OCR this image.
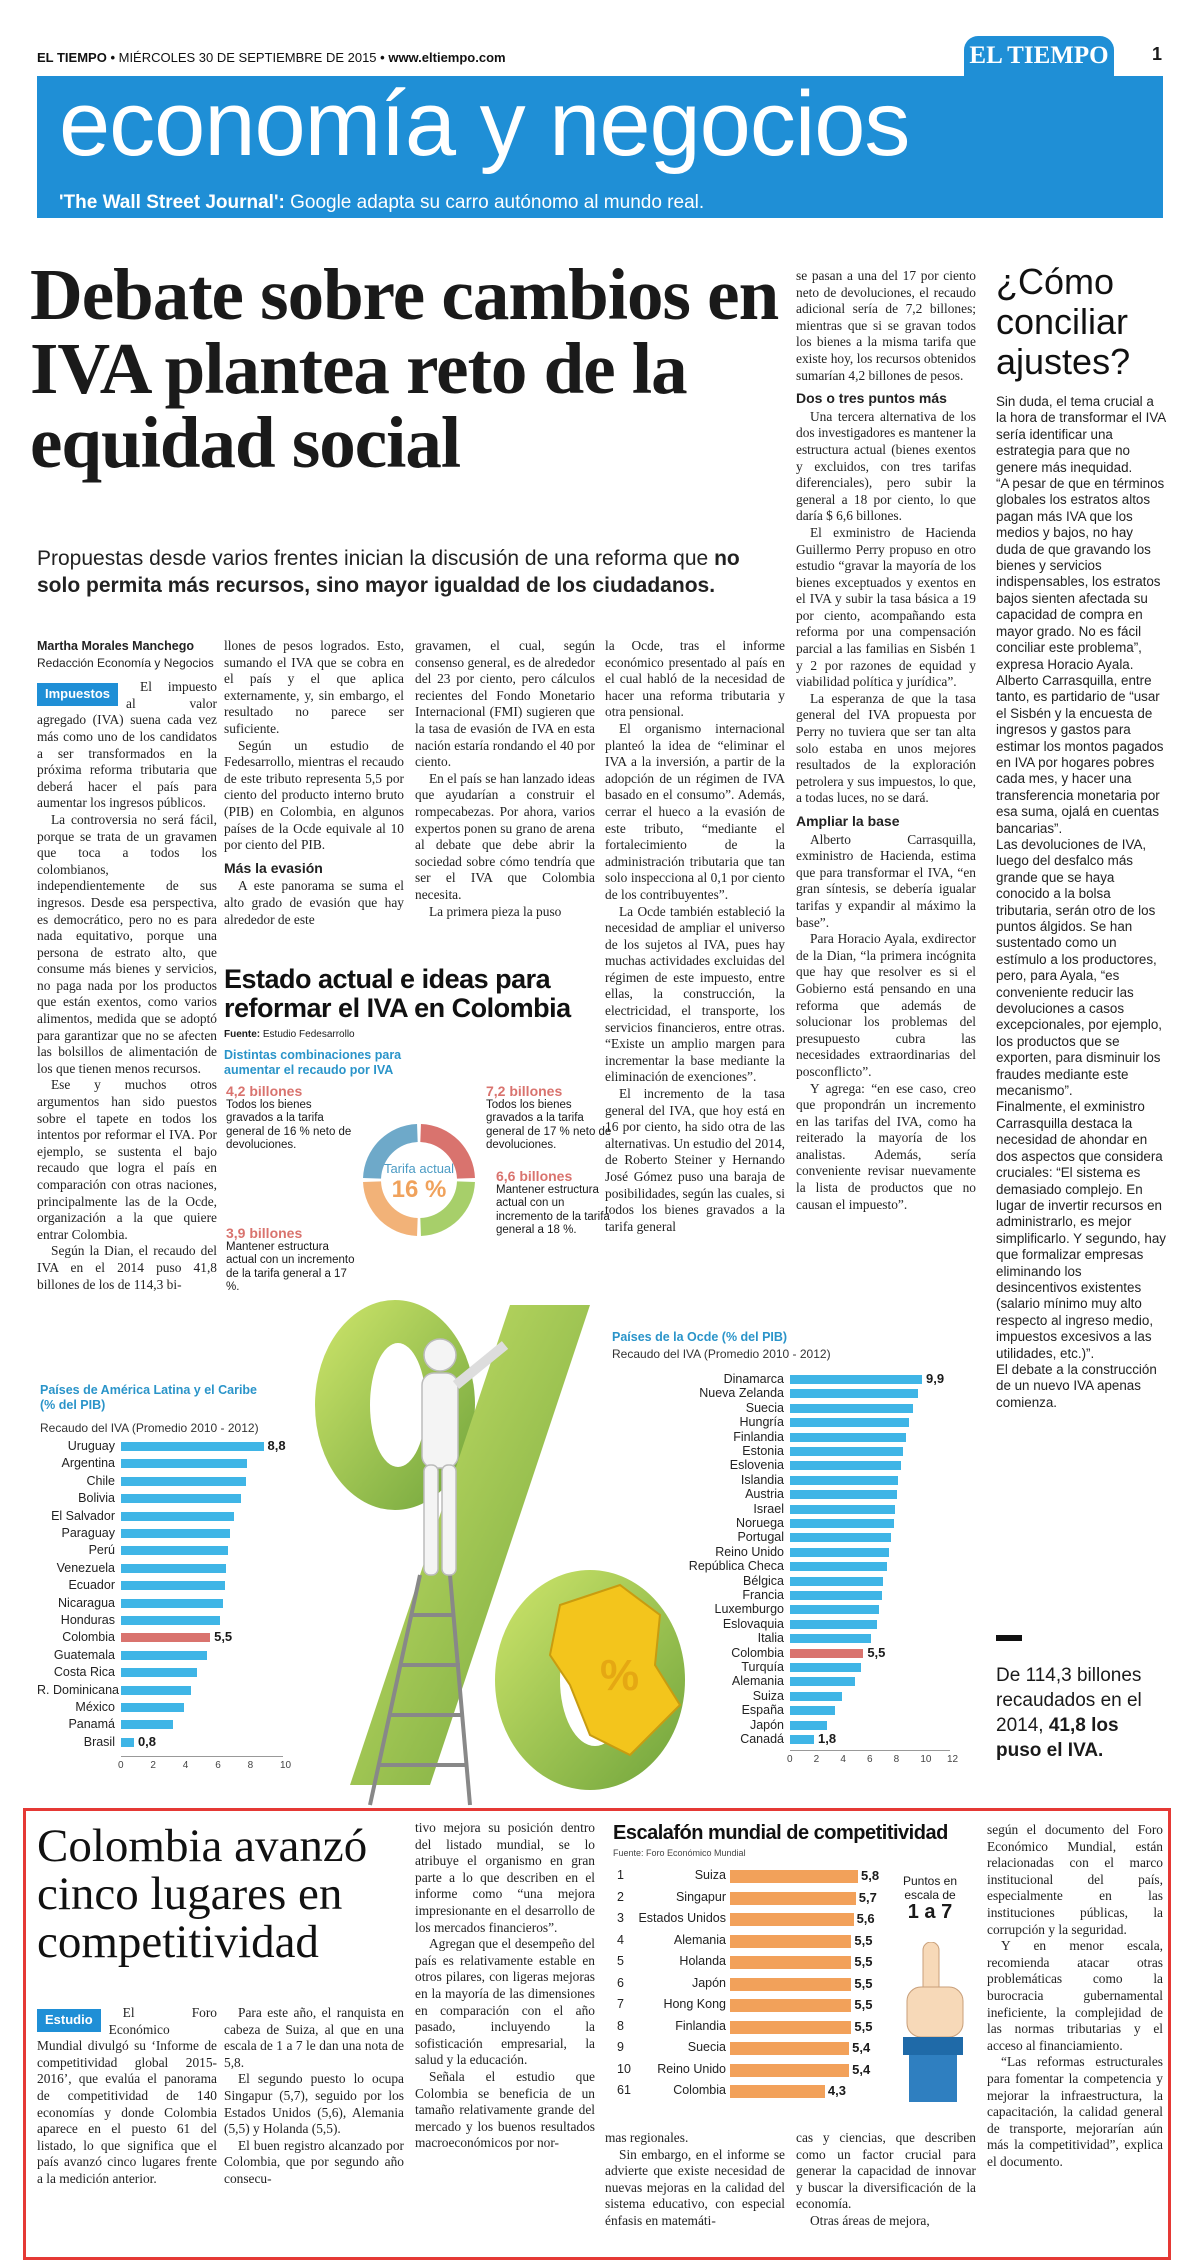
EL TIEMPO • MIÉRCOLES 30 DE SEPTIEMBRE DE 2015 • www.eltiempo.com	EL TIEMPO	1
economía y negocios
'The Wall Street Journal': Google adapta su carro autónomo al mundo real.
Debate sobre cambios en IVA plantea reto de la equidad social
Propuestas desde varios frentes inician la discusión de una reforma que no solo permita más recursos, sino mayor igualdad de los ciudadanos.
Martha Morales Manchego
Redacción Economía y Negocios

Impuestos	El impuesto al valor agregado (IVA) suena cada vez más como uno de los candidatos a ser transformados en la próxima reforma tributaria que deberá hacer el país para aumentar los ingresos públicos.

La controversia no será fácil, porque se trata de un gravamen que toca a todos los colombianos, independientemente de sus ingresos. Desde esa perspectiva, es democrático, pero no es para nada equitativo, porque una persona de estrato alto, que consume más bienes y servicios, no paga nada por los productos que están exentos, como varios alimentos, medida que se adoptó para garantizar que no se afecten las bolsillos de alimentación de los que tienen menos recursos.

Ese y muchos otros argumentos han sido puestos sobre el tapete en todos los intentos por reformar el IVA. Por ejemplo, se sustenta el bajo recaudo que logra el país en comparación con otras naciones, principalmente las de la Ocde, organización a la que quiere entrar Colombia.

Según la Dian, el recaudo del IVA en el 2014 puso 41,8 billones de los de 114,3 bi-

llones de pesos logrados. Esto, sumando el IVA que se cobra en el país y el que aplica externamente, y, sin embargo, el resultado no parece ser suficiente.

Según un estudio de Fedesarrollo, mientras el recaudo de este tributo representa 5,5 por ciento del producto interno bruto (PIB) en Colombia, en algunos países de la Ocde equivale al 10 por ciento del PIB.

Más la evasión

A este panorama se suma el alto grado de evasión que hay alrededor de este

gravamen, el cual, según consenso general, es de alrededor del 23 por ciento, pero cálculos recientes del Fondo Monetario Internacional (FMI) sugieren que la tasa de evasión de IVA en esta nación estaría rondando el 40 por ciento.

En el país se han lanzado ideas que ayudarían a construir el rompecabezas. Por ahora, varios expertos ponen su grano de arena al debate que debe abrir la sociedad sobre cómo tendría que ser el IVA que Colombia necesita.

La primera pieza la puso

la Ocde, tras el informe económico presentado al país en el cual habló de la necesidad de hacer una reforma tributaria y otra pensional.

El organismo internacional planteó la idea de “eliminar el IVA a la inversión, a partir de la adopción de un régimen de IVA basado en el consumo”. Además, cerrar el hueco a la evasión de este tributo, “mediante el fortalecimiento de la administración tributaria que tan solo inspecciona al 0,1 por ciento de los contribuyentes”.

La Ocde también estableció la necesidad de ampliar el universo de los sujetos al IVA, pues hay muchas actividades excluidas del régimen de este impuesto, entre ellas, la construcción, la electricidad, el transporte, los servicios financieros, entre otras. “Existe un amplio margen para incrementar la base mediante la eliminación de exenciones”.

El incremento de la tasa general del IVA, que hoy está en 16 por ciento, ha sido otra de las alternativas. Un estudio del 2014, de Roberto Steiner y Hernando José Gómez puso una baraja de posibilidades, según las cuales, si todos los bienes gravados a la tarifa general

se pasan a una del 17 por ciento neto de devoluciones, el recaudo adicional sería de 7,2 billones; mientras que si se gravan todos los bienes a la misma tarifa que existe hoy, los recursos obtenidos sumarían 4,2 billones de pesos.

Dos o tres puntos más

Una tercera alternativa de los dos investigadores es mantener la estructura actual (bienes exentos y excluidos, con tres tarifas diferenciales), pero subir la general a 18 por ciento, lo que daría $ 6,6 billones.

El exministro de Hacienda Guillermo Perry propuso en otro estudio “gravar la mayoría de los bienes exceptuados y exentos en el IVA y subir la tasa básica a 19 por ciento, acompañando esta reforma por una compensación parcial a las familias en Sisbén 1 y 2 por razones de equidad y viabilidad política y jurídica”.

La esperanza de que la tasa general del IVA propuesta por Perry no tuviera que ser tan alta solo estaba en unos mejores resultados de la exploración petrolera y sus impuestos, lo que, a todas luces, no se dará.

Ampliar la base

Alberto Carrasquilla, exministro de Hacienda, estima que para transformar el IVA, “en gran síntesis, se debería igualar tarifas y expandir al máximo la base”.

Para Horacio Ayala, exdirector de la Dian, “la primera incógnita que hay que resolver es si el Gobierno está pensando en una reforma que además de solucionar los problemas del presupuesto cubra las necesidades extraordinarias del posconflicto”.

Y agrega: “en ese caso, creo que propondrán un incremento en las tarifas del IVA, como ha reiterado la mayoría de los analistas. Además, sería conveniente revisar nuevamente la lista de productos que no causan el impuesto”.

¿Cómo conciliar ajustes?

Sin duda, el tema crucial a la hora de transformar el IVA sería identificar una estrategia para que no genere más inequidad.

“A pesar de que en términos globales los estratos altos pagan más IVA que los medios y bajos, no hay duda de que gravando los bienes y servicios indispensables, los estratos bajos sienten afectada su capacidad de compra en mayor grado. No es fácil conciliar este problema”, expresa Horacio Ayala.

Alberto Carrasquilla, entre tanto, es partidario de “usar el Sisbén y la encuesta de ingresos y gastos para estimar los montos pagados en IVA por hogares pobres cada mes, y hacer una transferencia monetaria por esa suma, ojalá en cuentas bancarias”.

Las devoluciones de IVA, luego del desfalco más grande que se haya conocido a la bolsa tributaria, serán otro de los puntos álgidos. Se han sustentado como un estímulo a los productores, pero, para Ayala, “es conveniente reducir las devoluciones a casos excepcionales, por ejemplo, los productos que se exporten, para disminuir los fraudes mediante este mecanismo”.

Finalmente, el exministro Carrasquilla destaca la necesidad de ahondar en dos aspectos que considera cruciales: “El sistema es demasiado complejo. En lugar de invertir recursos en administrarlo, es mejor simplificarlo. Y segundo, hay que formalizar empresas eliminando los desincentivos existentes (salario mínimo muy alto respecto al ingreso medio, impuestos excesivos a las utilidades, etc.)”.

El debate a la construcción de un nuevo IVA apenas comienza.

De 114,3 billones recaudados en el 2014, 41,8 los puso el IVA.
Estado actual e ideas para reformar el IVA en Colombia
Fuente: Estudio Fedesarrollo
Distintas combinaciones para aumentar el recaudo por IVA
Tarifa actual
16 %
4,2 billones
Todos los bienes gravados a la tarifa general de 16 % neto de devoluciones.
7,2 billones
Todos los bienes gravados a la tarifa general de 17 % neto de devoluciones.
6,6 billones
Mantener estructura actual con un incremento de la tarifa general a 18 %.
3,9 billones
Mantener estructura actual con un incremento de la tarifa general a 17 %.
%
Países de América Latina y el Caribe (% del PIB)
Recaudo del IVA (Promedio 2010 - 2012)
Uruguay	8,8
Argentina
Chile
Bolivia
El Salvador
Paraguay
Perú
Venezuela
Ecuador
Nicaragua
Honduras
Colombia	5,5
Guatemala
Costa Rica
R. Dominicana
México
Panamá
Brasil 0,8
0	2	4	6	8	10
Países de la Ocde (% del PIB)
Recaudo del IVA (Promedio 2010 - 2012)
Dinamarca	9,9
Nueva Zelanda
Suecia
Hungría
Finlandia
Estonia
Eslovenia
Islandia
Austria
Israel
Noruega
Portugal
Reino Unido
República Checa
Bélgica
Francia
Luxemburgo
Eslovaquia
Italia
Colombia	5,5
Turquía
Alemania
Suiza
España
Japón
Canadá	1,8
0 2 4 6 8 10 12
Colombia avanzó cinco lugares en competitividad

Estudio	El Foro Económico Mundial divulgó su ‘Informe de competitividad global 2015-2016’, que evalúa el panorama de competitividad de 140 economías y donde Colombia aparece en el puesto 61 del listado, lo que significa que el país avanzó cinco lugares frente a la medición anterior.

Para este año, el ranquista en cabeza de Suiza, al que en una escala de 1 a 7 le dan una nota de 5,8.

El segundo puesto lo ocupa Singapur (5,7), seguido por los Estados Unidos (5,6), Alemania (5,5) y Holanda (5,5).

El buen registro alcanzado por Colombia, que por segundo año consecu-

tivo mejora su posición dentro del listado mundial, se lo atribuye el organismo en gran parte a lo que describen en el informe como “una mejora impresionante en el desarrollo de los mercados financieros”.

Agregan que el desempeño del país es relativamente estable en otros pilares, con ligeras mejoras en la mayoría de las dimensiones en comparación con el año pasado, incluyendo la sofisticación empresarial, la salud y la educación.

Señala el estudio que Colombia se beneficia de un tamaño relativamente grande del mercado y los buenos resultados macroeconómicos por nor-	mas regionales.

Sin embargo, en el informe se advierte que existe necesidad de nuevas mejoras en la calidad del sistema educativo, con especial énfasis en matemáti-

cas y ciencias, que describen como un factor crucial para generar la capacidad de innovar y buscar la diversificación de la economía.

Otras áreas de mejora,

según el documento del Foro Económico Mundial, están relacionadas con el marco institucional del país, especialmente en las instituciones públicas, la corrupción y la seguridad.

Y en menor escala, recomienda atacar otras problemáticas como la burocracia gubernamental ineficiente, la complejidad de las normas tributarias y el acceso al financiamiento.

“Las reformas estructurales para fomentar la competencia y mejorar la infraestructura, la capacitación, la calidad general de transporte, mejorarían aún más la competitividad”, explica el documento.

Escalafón mundial de competitividad
Fuente: Foro Económico Mundial
1	Suiza	5,8
2	Singapur	5,7
3 Estados Unidos	5,6
4	Alemania	5,5
5	Holanda	5,5
6	Japón	5,5
7	Hong Kong	5,5
8	Finlandia	5,5
9	Suecia	5,4
10	Reino Unido	5,4
61	Colombia	4,3
Puntos en escala de
1 a 7
